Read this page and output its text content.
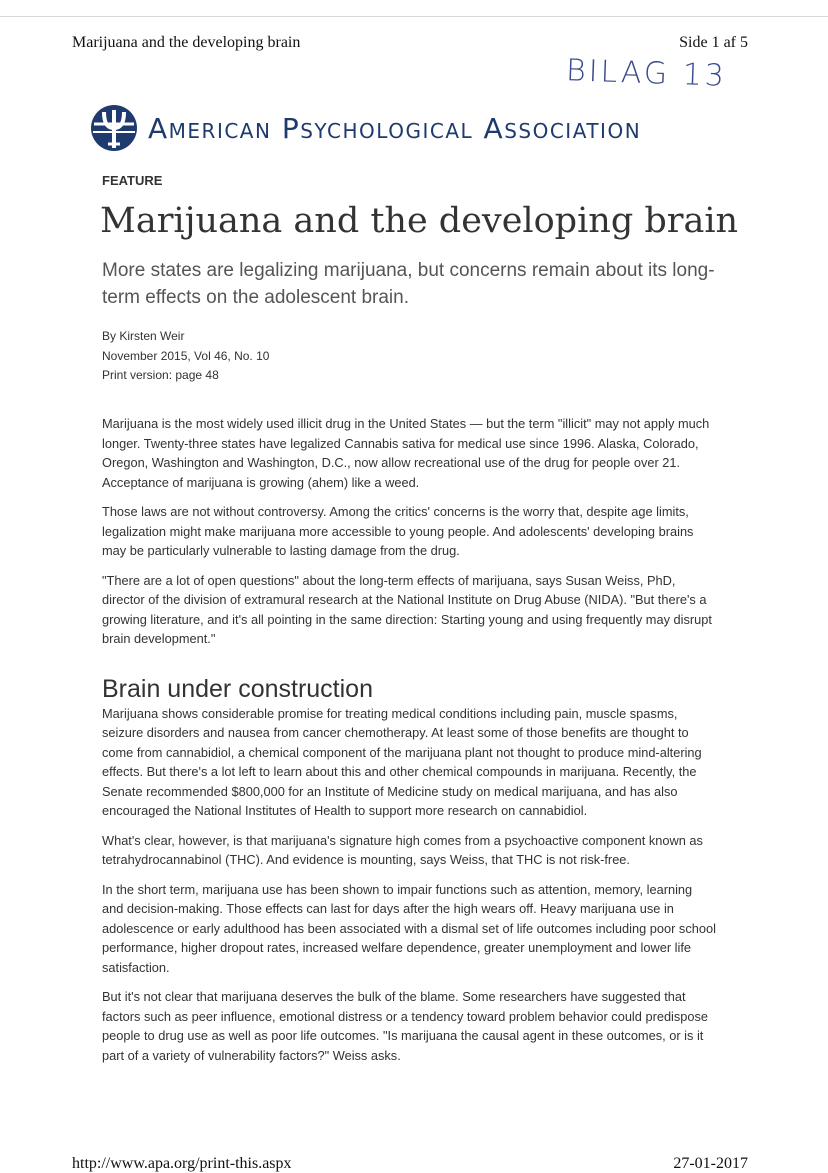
Marijuana and the developing brain	Side 1 af 5
BILAG 13
American Psychological Association
FEATURE
Marijuana and the developing brain
More states are legalizing marijuana, but concerns remain about its long-term effects on the adolescent brain.
By Kirsten Weir
November 2015, Vol 46, No. 10
Print version: page 48

Marijuana is the most widely used illicit drug in the United States — but the term "illicit" may not apply much longer. Twenty-three states have legalized Cannabis sativa for medical use since 1996. Alaska, Colorado, Oregon, Washington and Washington, D.C., now allow recreational use of the drug for people over 21. Acceptance of marijuana is growing (ahem) like a weed.

Those laws are not without controversy. Among the critics' concerns is the worry that, despite age limits, legalization might make marijuana more accessible to young people. And adolescents' developing brains may be particularly vulnerable to lasting damage from the drug.

"There are a lot of open questions" about the long-term effects of marijuana, says Susan Weiss, PhD, director of the division of extramural research at the National Institute on Drug Abuse (NIDA). "But there's a growing literature, and it's all pointing in the same direction: Starting young and using frequently may disrupt brain development."

Brain under construction

Marijuana shows considerable promise for treating medical conditions including pain, muscle spasms, seizure disorders and nausea from cancer chemotherapy. At least some of those benefits are thought to come from cannabidiol, a chemical component of the marijuana plant not thought to produce mind-altering effects. But there's a lot left to learn about this and other chemical compounds in marijuana. Recently, the Senate recommended $800,000 for an Institute of Medicine study on medical marijuana, and has also encouraged the National Institutes of Health to support more research on cannabidiol.

What's clear, however, is that marijuana's signature high comes from a psychoactive component known as tetrahydrocannabinol (THC). And evidence is mounting, says Weiss, that THC is not risk-free.

In the short term, marijuana use has been shown to impair functions such as attention, memory, learning and decision-making. Those effects can last for days after the high wears off. Heavy marijuana use in adolescence or early adulthood has been associated with a dismal set of life outcomes including poor school performance, higher dropout rates, increased welfare dependence, greater unemployment and lower life satisfaction.

But it's not clear that marijuana deserves the bulk of the blame. Some researchers have suggested that factors such as peer influence, emotional distress or a tendency toward problem behavior could predispose people to drug use as well as poor life outcomes. "Is marijuana the causal agent in these outcomes, or is it part of a variety of vulnerability factors?" Weiss asks.

http://www.apa.org/print-this.aspx	27-01-2017
